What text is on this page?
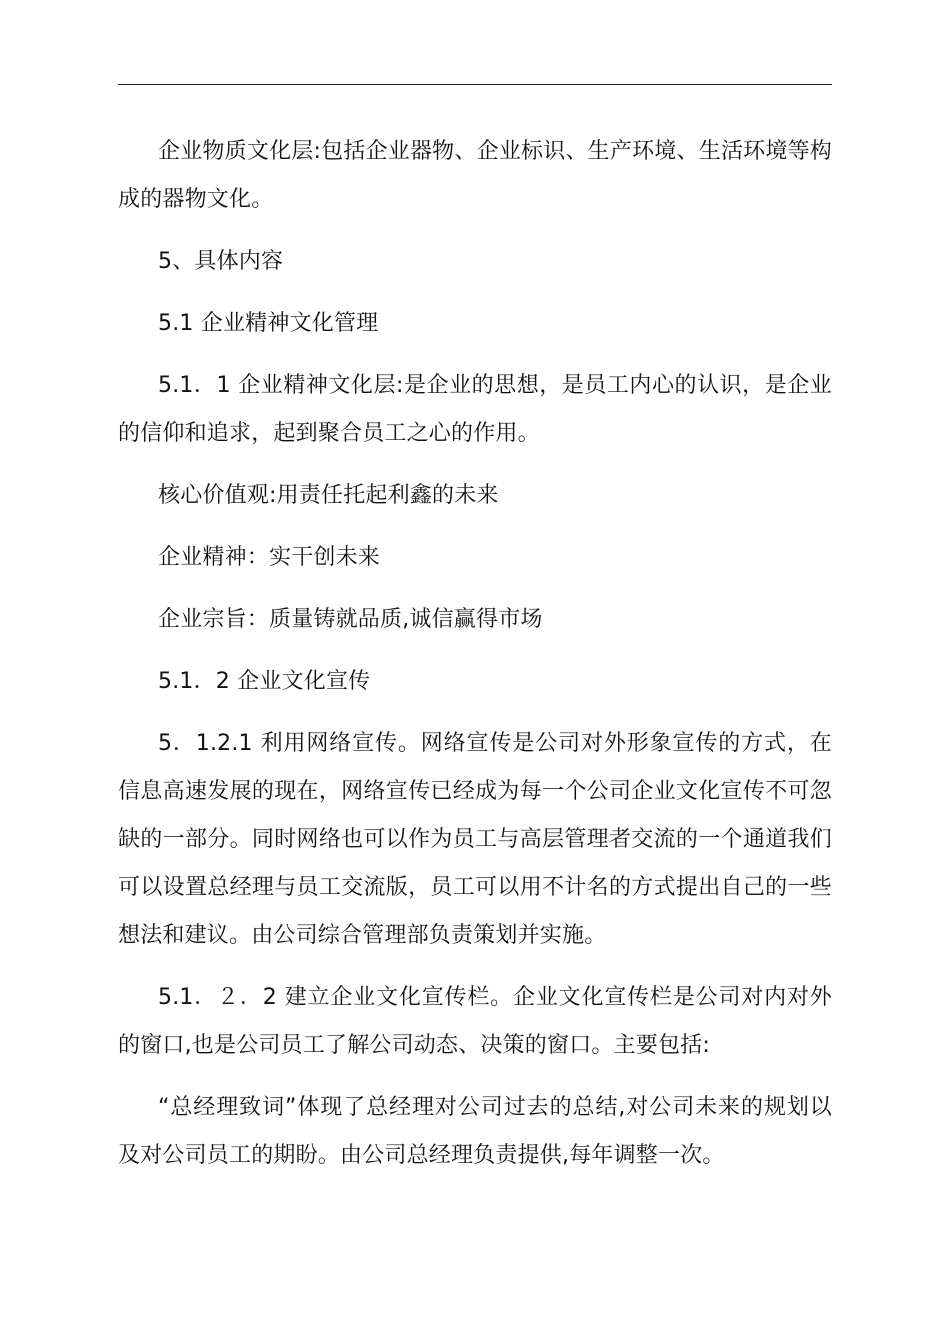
企业物质文化层:包括企业器物、企业标识、生产环境、生活环境等构成的器物文化。

5、具体内容

5.1 企业精神文化管理

5.1．1 企业精神文化层:是企业的思想，是员工内心的认识，是企业的信仰和追求，起到聚合员工之心的作用。

核心价值观:用责任托起利鑫的未来

企业精神：实干创未来

企业宗旨：质量铸就品质,诚信赢得市场

5.1．2 企业文化宣传

5．1.2.1 利用网络宣传。网络宣传是公司对外形象宣传的方式，在信息高速发展的现在，网络宣传已经成为每一个公司企业文化宣传不可忽缺的一部分。同时网络也可以作为员工与高层管理者交流的一个通道我们可以设置总经理与员工交流版，员工可以用不计名的方式提出自己的一些想法和建议。由公司综合管理部负责策划并实施。

5.1．２．2 建立企业文化宣传栏。企业文化宣传栏是公司对内对外的窗口,也是公司员工了解公司动态、决策的窗口。主要包括:

“总经理致词”体现了总经理对公司过去的总结,对公司未来的规划以及对公司员工的期盼。由公司总经理负责提供,每年调整一次。
